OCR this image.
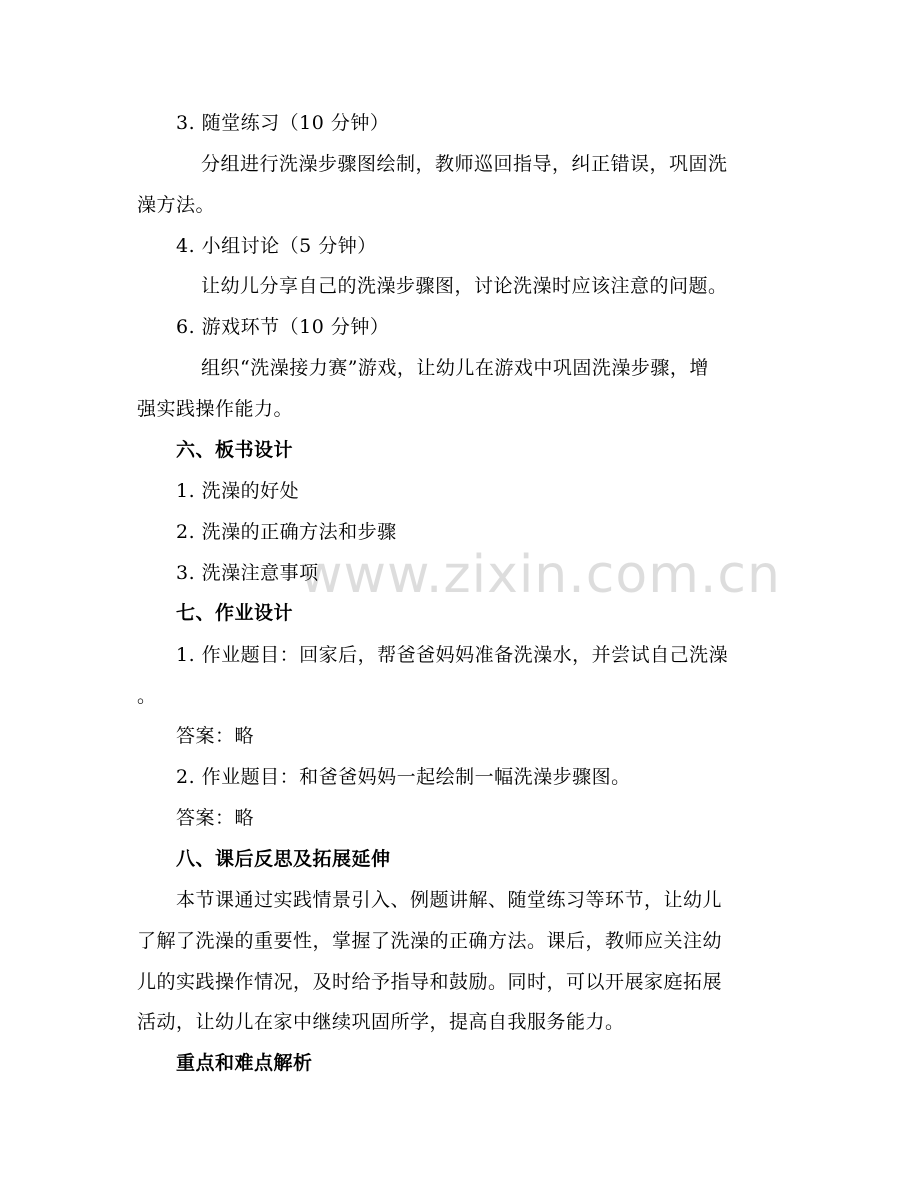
3. 随堂练习（10 分钟）
分组进行洗澡步骤图绘制，教师巡回指导，纠正错误，巩固洗
澡方法。
4. 小组讨论（5 分钟）
让幼儿分享自己的洗澡步骤图，讨论洗澡时应该注意的问题。
6. 游戏环节（10 分钟）
组织“洗澡接力赛”游戏，让幼儿在游戏中巩固洗澡步骤，增
强实践操作能力。
六、板书设计
1. 洗澡的好处
2. 洗澡的正确方法和步骤
3. 洗澡注意事项
七、作业设计
1. 作业题目：回家后，帮爸爸妈妈准备洗澡水，并尝试自己洗澡
。
答案：略
2. 作业题目：和爸爸妈妈一起绘制一幅洗澡步骤图。
答案：略
八、课后反思及拓展延伸
本节课通过实践情景引入、例题讲解、随堂练习等环节，让幼儿
了解了洗澡的重要性，掌握了洗澡的正确方法。课后，教师应关注幼
儿的实践操作情况，及时给予指导和鼓励。同时，可以开展家庭拓展
活动，让幼儿在家中继续巩固所学，提高自我服务能力。
重点和难点解析
www.zixin.com.cn
